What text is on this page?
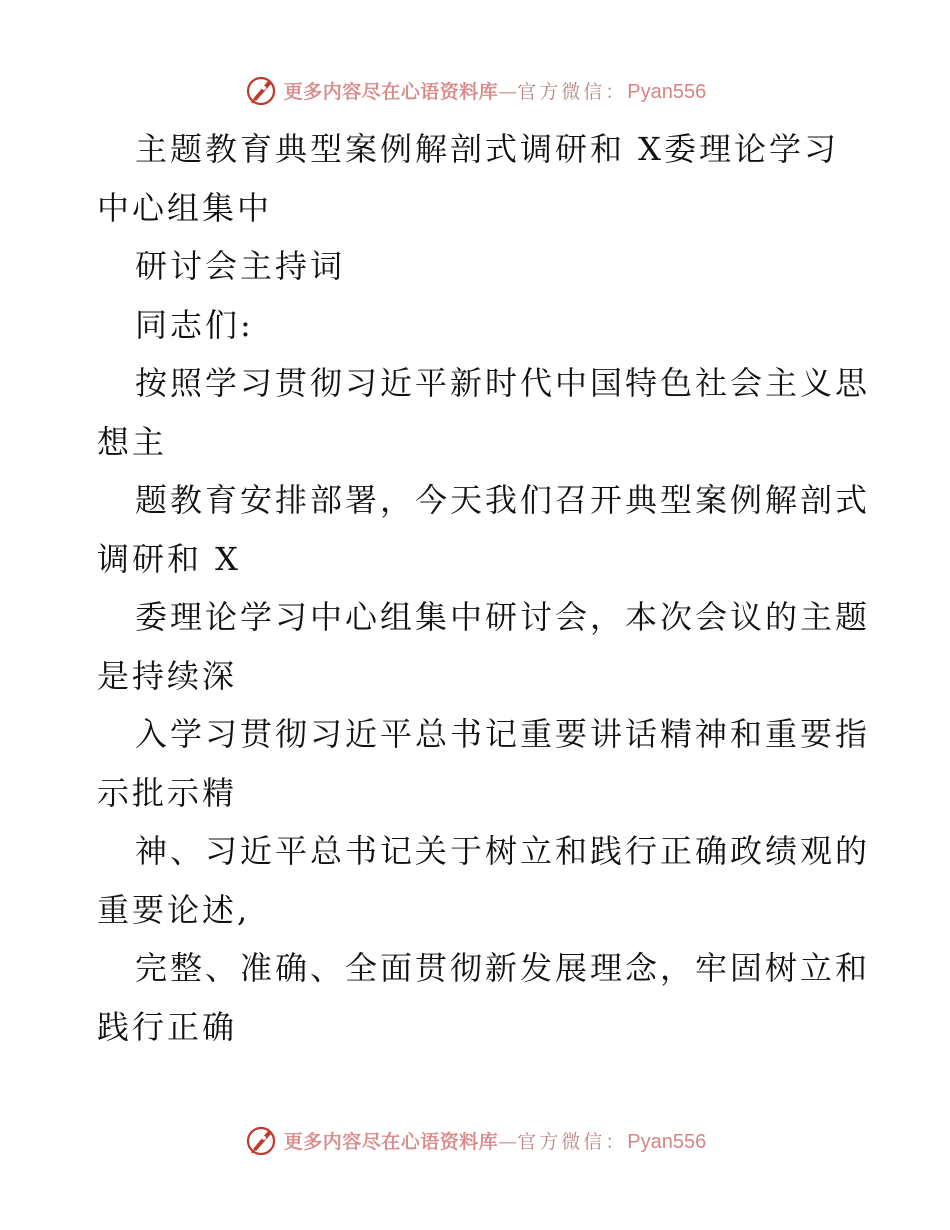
更多内容尽在心语资料库 — 官方微信： Pyan556
主题教育典型案例解剖式调研和 X委理论学习
中心组集中
研讨会主持词
同志们:
按照学习贯彻习近平新时代中国特色社会主义思
想主
题教育安排部署，今天我们召开典型案例解剖式
调研和 X
委理论学习中心组集中研讨会，本次会议的主题
是持续深
入学习贯彻习近平总书记重要讲话精神和重要指
示批示精
神、习近平总书记关于树立和践行正确政绩观的
重要论述,
完整、准确、全面贯彻新发展理念，牢固树立和
践行正确
更多内容尽在心语资料库 — 官方微信： Pyan556
